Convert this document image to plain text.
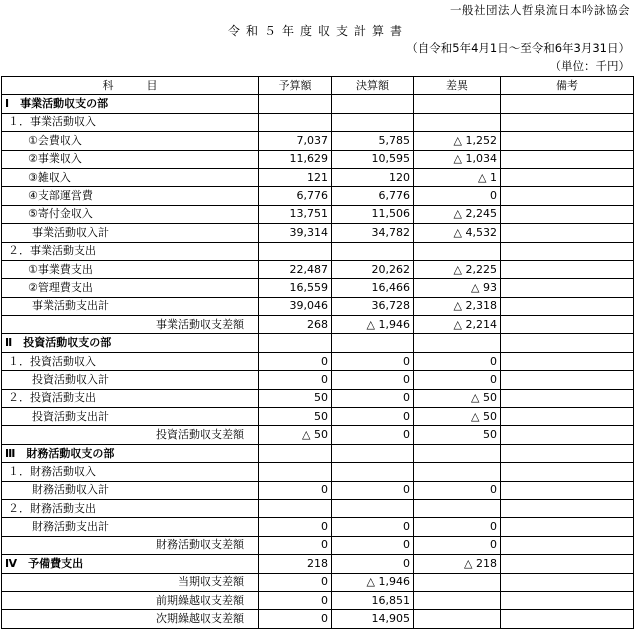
一般社団法人哲泉流日本吟詠協会
令和５年度収支計算書
（自令和5年4月1日～至令和6年3月31日）
（単位：千円）
科　　　目	予算額	決算額	差異	備考
Ⅰ　事業活動収支の部				
１．事業活動収入				
①会費収入	7,037	5,785	△ 1,252	
②事業収入	11,629	10,595	△ 1,034	
③雑収入	121	120	△ 1	
④支部運営費	6,776	6,776	0	
⑤寄付金収入	13,751	11,506	△ 2,245	
事業活動収入計	39,314	34,782	△ 4,532	
２．事業活動支出				
①事業費支出	22,487	20,262	△ 2,225	
②管理費支出	16,559	16,466	△ 93	
事業活動支出計	39,046	36,728	△ 2,318	
事業活動収支差額	268	△ 1,946	△ 2,214	
Ⅱ　投資活動収支の部				
１．投資活動収入	0	0	0	
投資活動収入計	0	0	0	
２．投資活動支出	50	0	△ 50	
投資活動支出計	50	0	△ 50	
投資活動収支差額	△ 50	0	50	
Ⅲ　財務活動収支の部				
１．財務活動収入				
財務活動収入計	0	0	0	
２．財務活動支出				
財務活動支出計	0	0	0	
財務活動収支差額	0	0	0	
Ⅳ　予備費支出	218	0	△ 218	
当期収支差額	0	△ 1,946		
前期繰越収支差額	0	16,851		
次期繰越収支差額	0	14,905		
